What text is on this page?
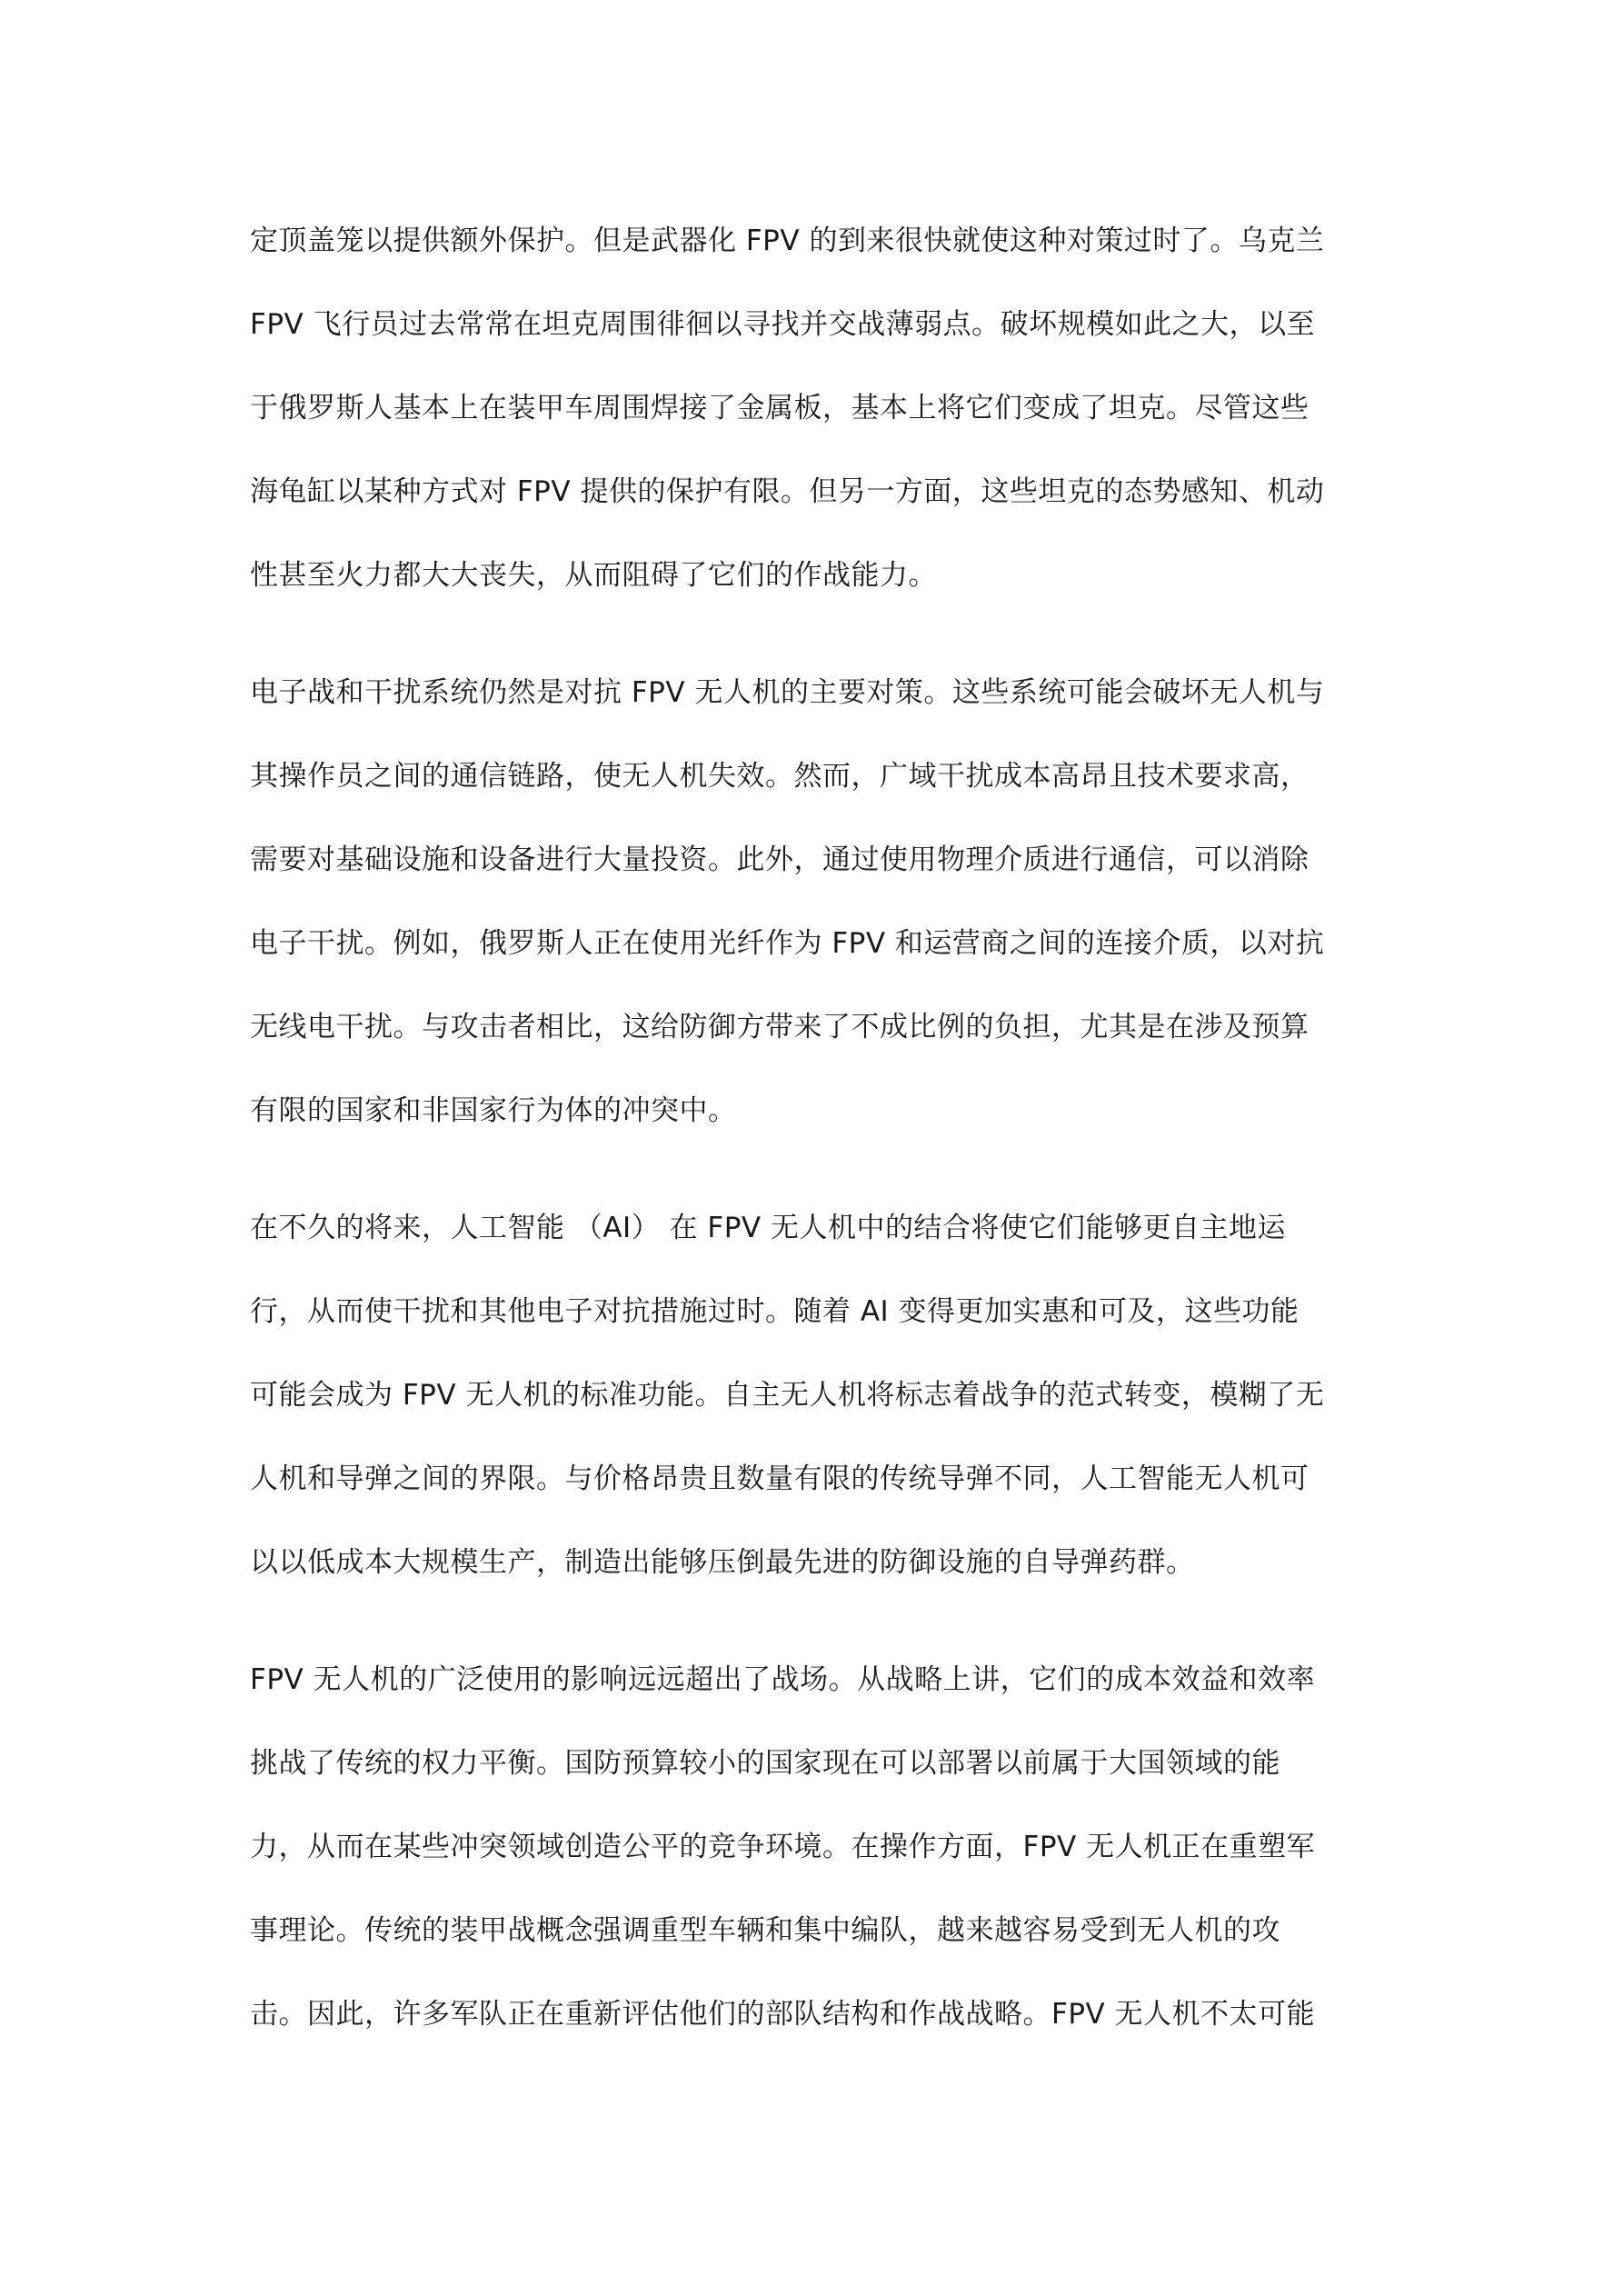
定顶盖笼以提供额外保护。但是武器化 FPV 的到来很快就使这种对策过时了。乌克兰
FPV 飞行员过去常常在坦克周围徘徊以寻找并交战薄弱点。破坏规模如此之大，以至
于俄罗斯人基本上在装甲车周围焊接了金属板，基本上将它们变成了坦克。尽管这些
海龟缸以某种方式对 FPV 提供的保护有限。但另一方面，这些坦克的态势感知、机动
性甚至火力都大大丧失，从而阻碍了它们的作战能力。
电子战和干扰系统仍然是对抗 FPV 无人机的主要对策。这些系统可能会破坏无人机与
其操作员之间的通信链路，使无人机失效。然而，广域干扰成本高昂且技术要求高，
需要对基础设施和设备进行大量投资。此外，通过使用物理介质进行通信，可以消除
电子干扰。例如，俄罗斯人正在使用光纤作为 FPV 和运营商之间的连接介质，以对抗
无线电干扰。与攻击者相比，这给防御方带来了不成比例的负担，尤其是在涉及预算
有限的国家和非国家行为体的冲突中。
在不久的将来，人工智能 （AI） 在 FPV 无人机中的结合将使它们能够更自主地运
行，从而使干扰和其他电子对抗措施过时。随着 AI 变得更加实惠和可及，这些功能
可能会成为 FPV 无人机的标准功能。自主无人机将标志着战争的范式转变，模糊了无
人机和导弹之间的界限。与价格昂贵且数量有限的传统导弹不同，人工智能无人机可
以以低成本大规模生产，制造出能够压倒最先进的防御设施的自导弹药群。
FPV 无人机的广泛使用的影响远远超出了战场。从战略上讲，它们的成本效益和效率
挑战了传统的权力平衡。国防预算较小的国家现在可以部署以前属于大国领域的能
力，从而在某些冲突领域创造公平的竞争环境。在操作方面，FPV 无人机正在重塑军
事理论。传统的装甲战概念强调重型车辆和集中编队，越来越容易受到无人机的攻
击。因此，许多军队正在重新评估他们的部队结构和作战战略。FPV 无人机不太可能
